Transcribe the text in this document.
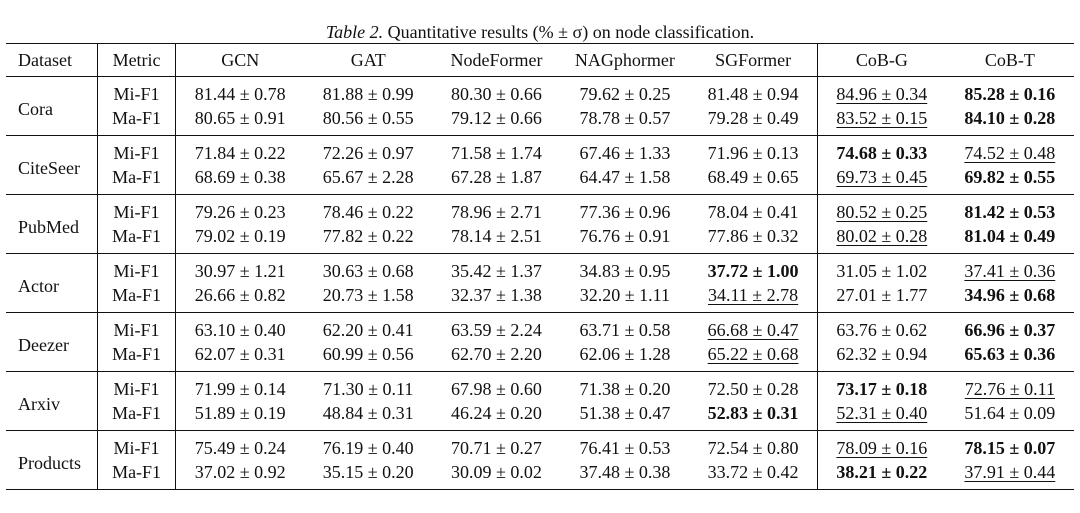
Table 2. Quantitative results (% ± σ) on node classification.
Dataset	Metric	GCN	GAT	NodeFormer	NAGphormer	SGFormer	CoB-G	CoB-T
Cora	Mi-F1	81.44 ± 0.78	81.88 ± 0.99	80.30 ± 0.66	79.62 ± 0.25	81.48 ± 0.94	84.96 ± 0.34	85.28 ± 0.16
	Ma-F1	80.65 ± 0.91	80.56 ± 0.55	79.12 ± 0.66	78.78 ± 0.57	79.28 ± 0.49	83.52 ± 0.15	84.10 ± 0.28
CiteSeer	Mi-F1	71.84 ± 0.22	72.26 ± 0.97	71.58 ± 1.74	67.46 ± 1.33	71.96 ± 0.13	74.68 ± 0.33	74.52 ± 0.48
	Ma-F1	68.69 ± 0.38	65.67 ± 2.28	67.28 ± 1.87	64.47 ± 1.58	68.49 ± 0.65	69.73 ± 0.45	69.82 ± 0.55
PubMed	Mi-F1	79.26 ± 0.23	78.46 ± 0.22	78.96 ± 2.71	77.36 ± 0.96	78.04 ± 0.41	80.52 ± 0.25	81.42 ± 0.53
	Ma-F1	79.02 ± 0.19	77.82 ± 0.22	78.14 ± 2.51	76.76 ± 0.91	77.86 ± 0.32	80.02 ± 0.28	81.04 ± 0.49
Actor	Mi-F1	30.97 ± 1.21	30.63 ± 0.68	35.42 ± 1.37	34.83 ± 0.95	37.72 ± 1.00	31.05 ± 1.02	37.41 ± 0.36
	Ma-F1	26.66 ± 0.82	20.73 ± 1.58	32.37 ± 1.38	32.20 ± 1.11	34.11 ± 2.78	27.01 ± 1.77	34.96 ± 0.68
Deezer	Mi-F1	63.10 ± 0.40	62.20 ± 0.41	63.59 ± 2.24	63.71 ± 0.58	66.68 ± 0.47	63.76 ± 0.62	66.96 ± 0.37
	Ma-F1	62.07 ± 0.31	60.99 ± 0.56	62.70 ± 2.20	62.06 ± 1.28	65.22 ± 0.68	62.32 ± 0.94	65.63 ± 0.36
Arxiv	Mi-F1	71.99 ± 0.14	71.30 ± 0.11	67.98 ± 0.60	71.38 ± 0.20	72.50 ± 0.28	73.17 ± 0.18	72.76 ± 0.11
	Ma-F1	51.89 ± 0.19	48.84 ± 0.31	46.24 ± 0.20	51.38 ± 0.47	52.83 ± 0.31	52.31 ± 0.40	51.64 ± 0.09
Products	Mi-F1	75.49 ± 0.24	76.19 ± 0.40	70.71 ± 0.27	76.41 ± 0.53	72.54 ± 0.80	78.09 ± 0.16	78.15 ± 0.07
	Ma-F1	37.02 ± 0.92	35.15 ± 0.20	30.09 ± 0.02	37.48 ± 0.38	33.72 ± 0.42	38.21 ± 0.22	37.91 ± 0.44
